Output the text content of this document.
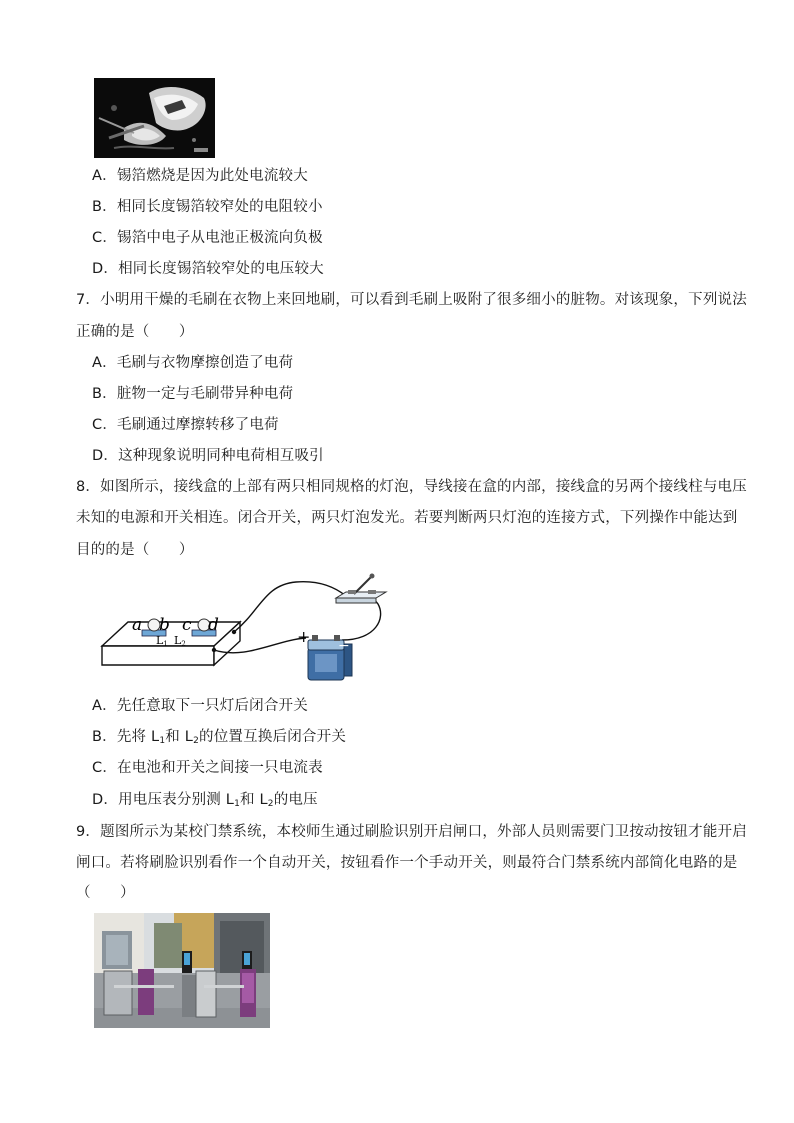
A．锡箔燃烧是因为此处电流较大
B．相同长度锡箔较窄处的电阻较小
C．锡箔中电子从电池正极流向负极
D．相同长度锡箔较窄处的电压较大
7．小明用干燥的毛刷在衣物上来回地刷，可以看到毛刷上吸附了很多细小的脏物。对该现象，下列说法
正确的是（　　）
A．毛刷与衣物摩擦创造了电荷
B．脏物一定与毛刷带异种电荷
C．毛刷通过摩擦转移了电荷
D．这种现象说明同种电荷相互吸引
8．如图所示，接线盒的上部有两只相同规格的灯泡，导线接在盒的内部，接线盒的另两个接线柱与电压
未知的电源和开关相连。闭合开关，两只灯泡发光。若要判断两只灯泡的连接方式，下列操作中能达到
目的的是（　　）
a b c d
L1 L2	+ −
A．先任意取下一只灯后闭合开关
B．先将 $L_1$和 $L_2$的位置互换后闭合开关
C．在电池和开关之间接一只电流表
D．用电压表分别测 $L_1$和 $L_2$的电压
9．题图所示为某校门禁系统，本校师生通过刷脸识别开启闸口，外部人员则需要门卫按动按钮才能开启
闸口。若将刷脸识别看作一个自动开关，按钮看作一个手动开关，则最符合门禁系统内部简化电路的是
（　　）
